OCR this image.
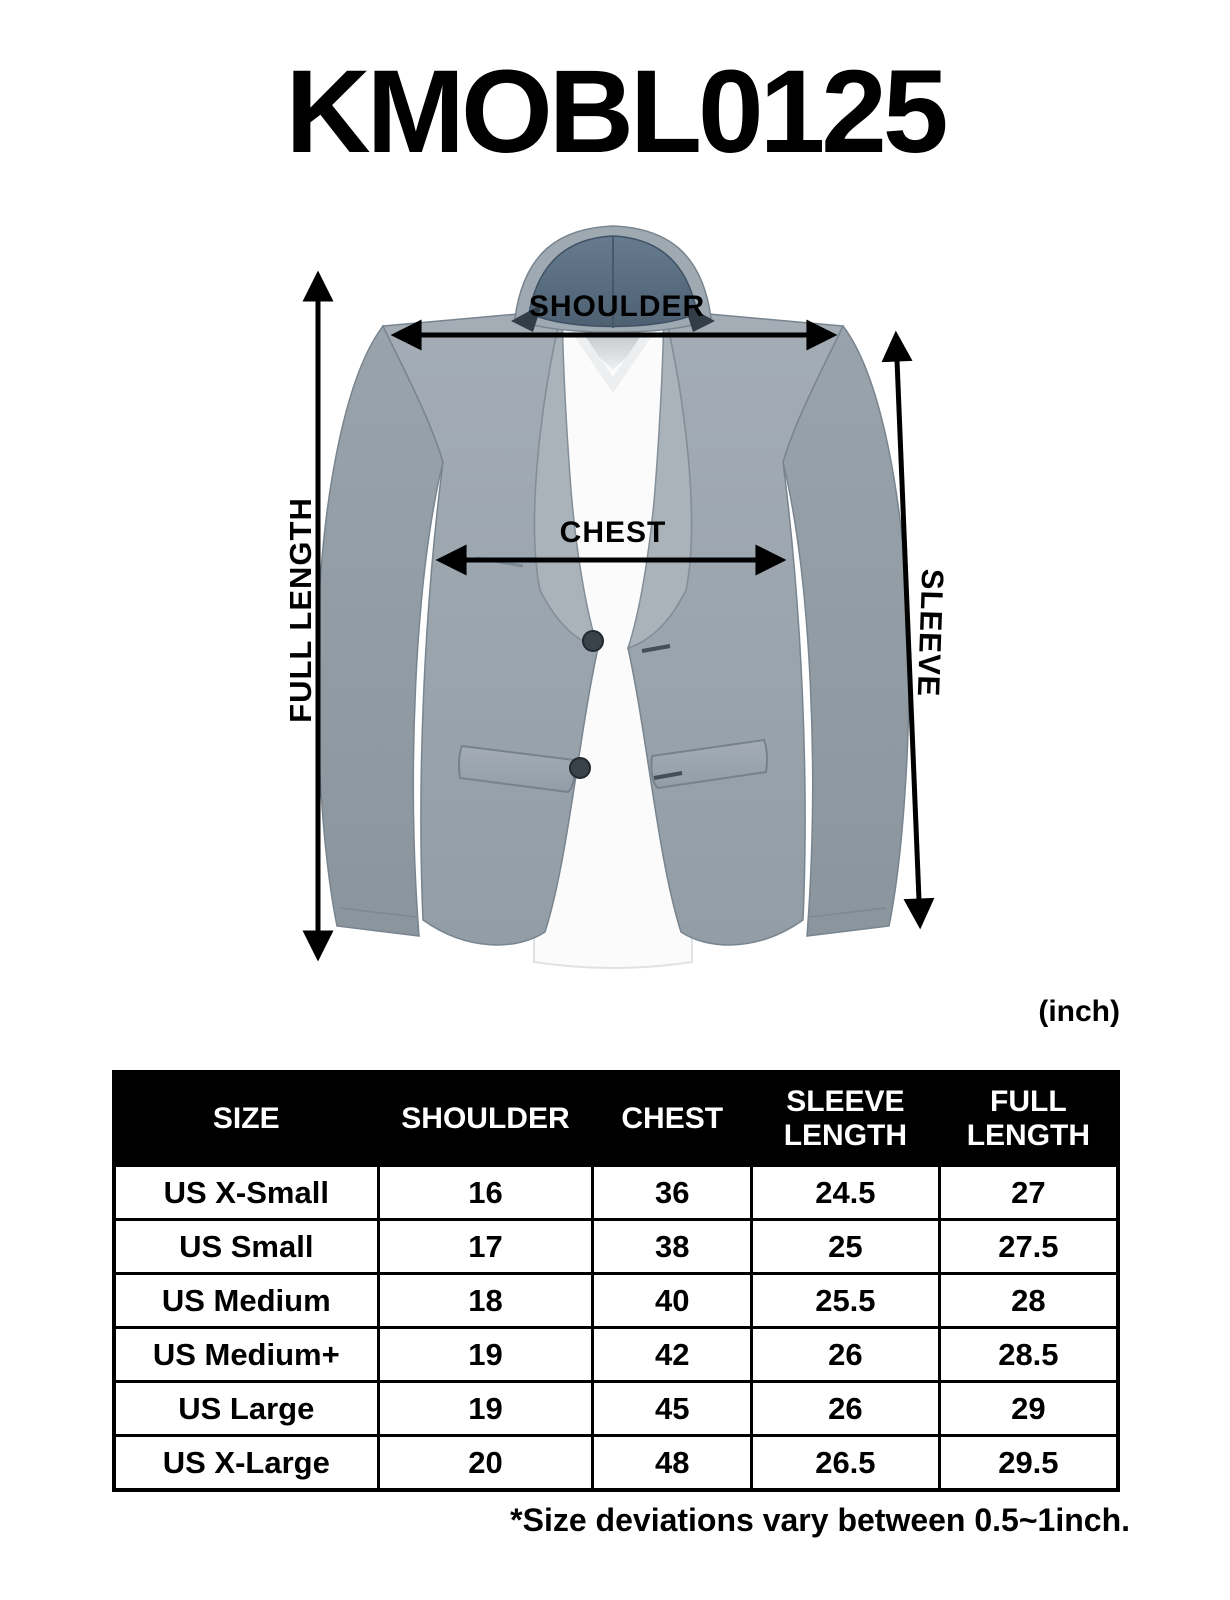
KMOBL0125
SHOULDER
CHEST
FULL LENGTH	SLEEVE
(inch)
SIZE	SHOULDER	CHEST	SLEEVE LENGTH	FULL LENGTH
US X-Small	16	36	24.5	27
US Small	17	38	25	27.5
US Medium	18	40	25.5	28
US Medium+	19	42	26	28.5
US Large	19	45	26	29
US X-Large	20	48	26.5	29.5
*Size deviations vary between 0.5~1inch.
